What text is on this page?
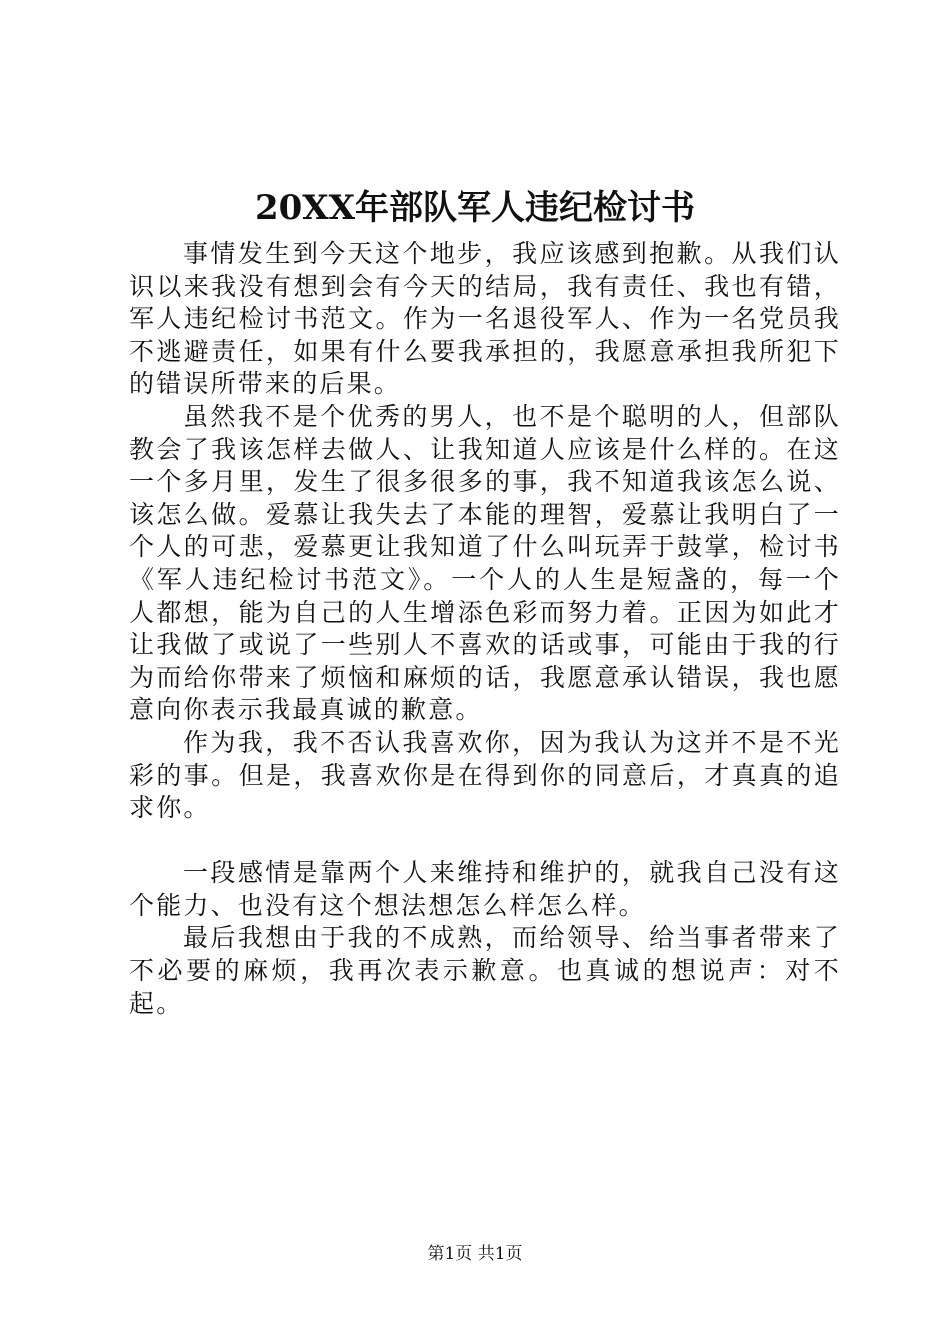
20XX年部队军人违纪检讨书

事情发生到今天这个地步，我应该感到抱歉。从我们认识以来我没有想到会有今天的结局，我有责任、我也有错，军人违纪检讨书范文。作为一名退役军人、作为一名党员我不逃避责任，如果有什么要我承担的，我愿意承担我所犯下的错误所带来的后果。

虽然我不是个优秀的男人，也不是个聪明的人，但部队教会了我该怎样去做人、让我知道人应该是什么样的。在这一个多月里，发生了很多很多的事，我不知道我该怎么说、该怎么做。爱慕让我失去了本能的理智，爱慕让我明白了一个人的可悲，爱慕更让我知道了什么叫玩弄于鼓掌，检讨书《军人违纪检讨书范文》。一个人的人生是短盏的，每一个人都想，能为自己的人生增添色彩而努力着。正因为如此才让我做了或说了一些别人不喜欢的话或事，可能由于我的行为而给你带来了烦恼和麻烦的话，我愿意承认错误，我也愿意向你表示我最真诚的歉意。

作为我，我不否认我喜欢你，因为我认为这并不是不光彩的事。但是，我喜欢你是在得到你的同意后，才真真的追求你。

一段感情是靠两个人来维持和维护的，就我自己没有这个能力、也没有这个想法想怎么样怎么样。

最后我想由于我的不成熟，而给领导、给当事者带来了不必要的麻烦，我再次表示歉意。也真诚的想说声：对不起。

第1页 共1页
